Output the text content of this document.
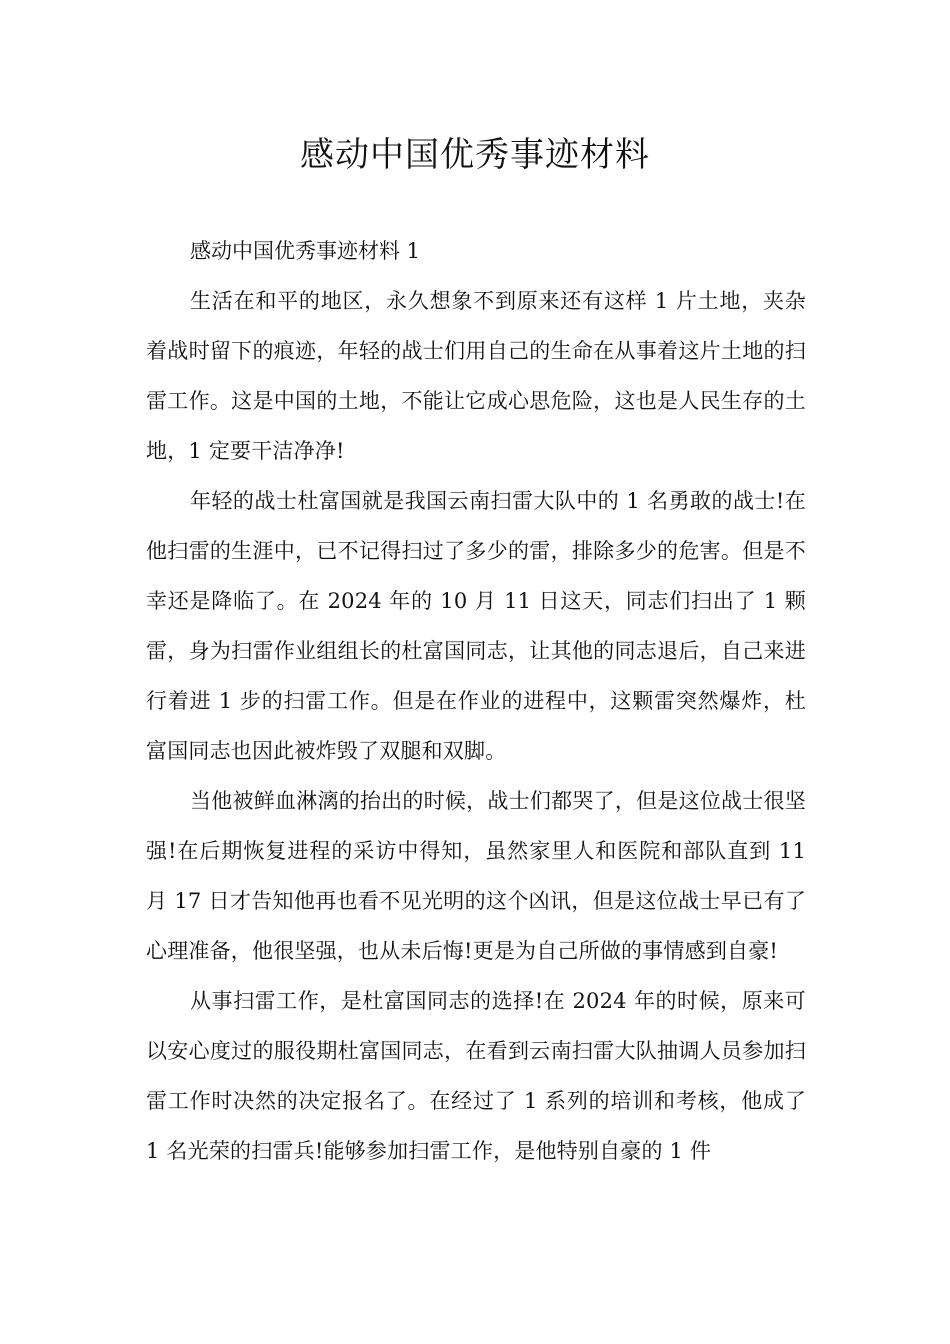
感动中国优秀事迹材料

感动中国优秀事迹材料 1

生活在和平的地区，永久想象不到原来还有这样 1 片土地，夹杂着战时留下的痕迹，年轻的战士们用自己的生命在从事着这片土地的扫雷工作。这是中国的土地，不能让它成心思危险，这也是人民生存的土地，1 定要干洁净净!

年轻的战士杜富国就是我国云南扫雷大队中的 1 名勇敢的战士!在他扫雷的生涯中，已不记得扫过了多少的雷，排除多少的危害。但是不幸还是降临了。在 2024 年的 10 月 11 日这天，同志们扫出了 1 颗雷，身为扫雷作业组组长的杜富国同志，让其他的同志退后，自己来进行着进 1 步的扫雷工作。但是在作业的进程中，这颗雷突然爆炸，杜富国同志也因此被炸毁了双腿和双脚。

当他被鲜血淋漓的抬出的时候，战士们都哭了，但是这位战士很坚强!在后期恢复进程的采访中得知，虽然家里人和医院和部队直到 11 月 17 日才告知他再也看不见光明的这个凶讯，但是这位战士早已有了心理准备，他很坚强，也从未后悔!更是为自己所做的事情感到自豪!

从事扫雷工作，是杜富国同志的选择!在 2024 年的时候，原来可以安心度过的服役期杜富国同志，在看到云南扫雷大队抽调人员参加扫雷工作时决然的决定报名了。在经过了 1 系列的培训和考核，他成了 1 名光荣的扫雷兵!能够参加扫雷工作，是他特别自豪的 1 件
